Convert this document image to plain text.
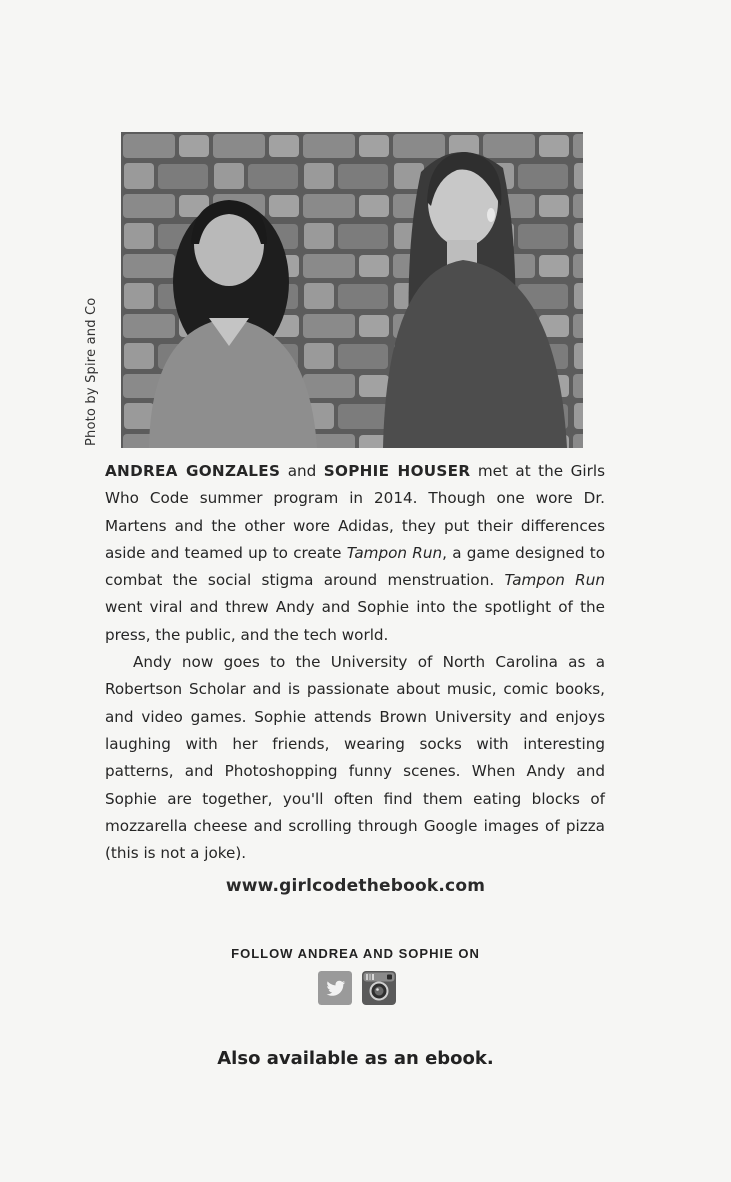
Photo by Spire and Co

ANDREA GONZALES and SOPHIE HOUSER met at the Girls Who Code summer program in 2014. Though one wore Dr. Martens and the other wore Adidas, they put their differences aside and teamed up to create Tampon Run, a game designed to combat the social stigma around menstruation. Tampon Run went viral and threw Andy and Sophie into the spotlight of the press, the public, and the tech world.

Andy now goes to the University of North Carolina as a Robertson Scholar and is passionate about music, comic books, and video games. Sophie attends Brown University and enjoys laughing with her friends, wearing socks with interesting patterns, and Photoshopping funny scenes. When Andy and Sophie are together, you'll often find them eating blocks of mozzarella cheese and scrolling through Google images of pizza (this is not a joke).

www.girlcodethebook.com
FOLLOW ANDREA AND SOPHIE ON
Also available as an ebook.
